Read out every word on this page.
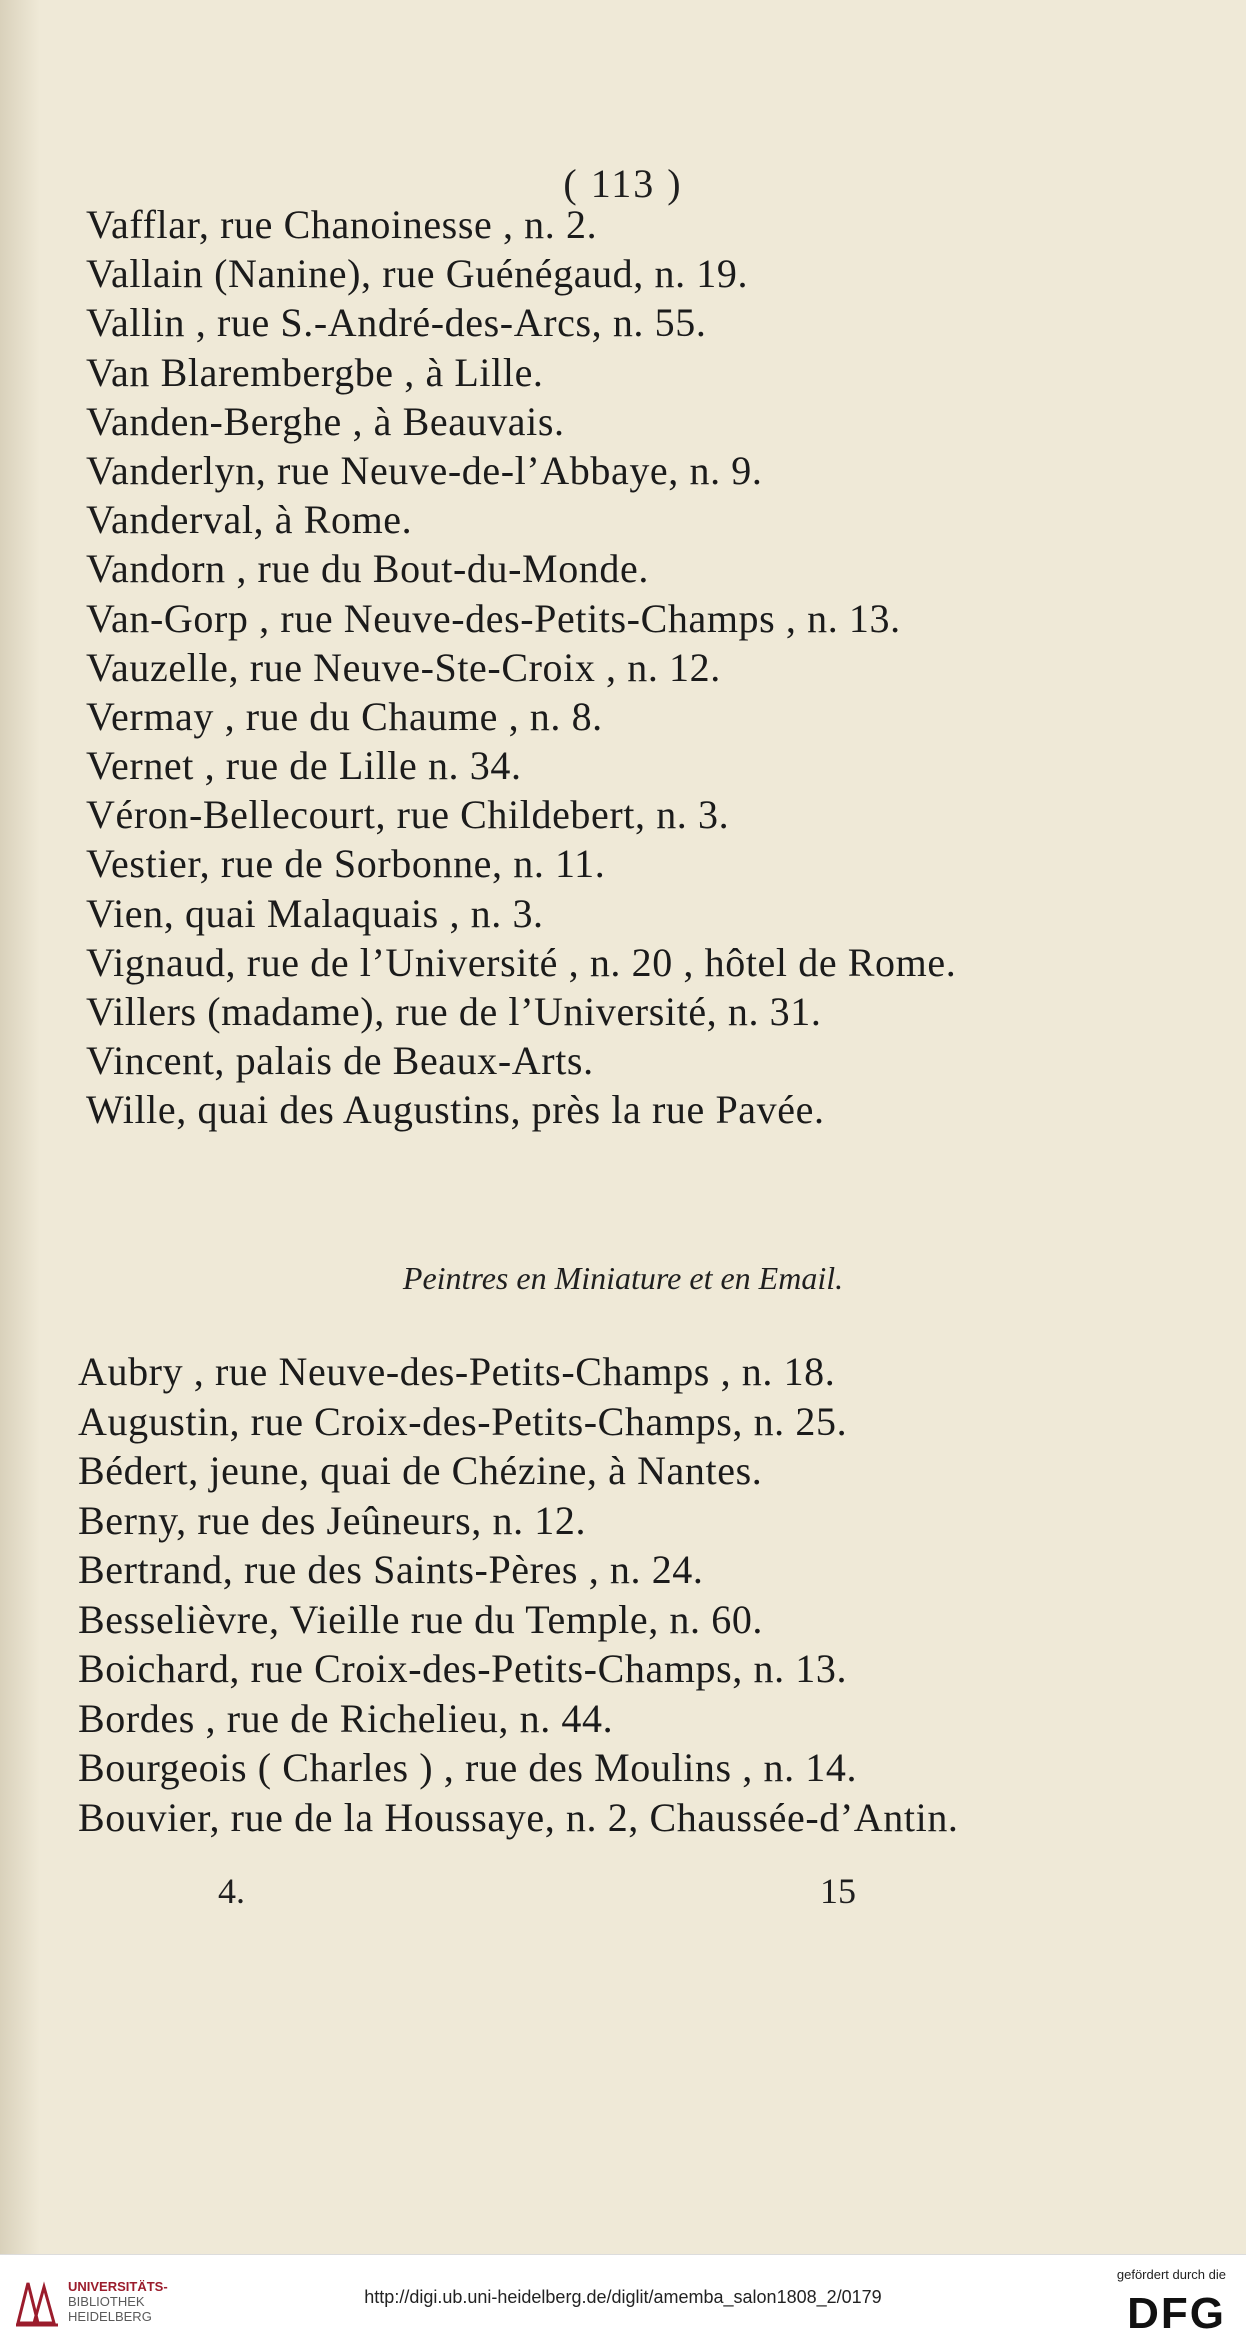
( 113 )
Vafflar, rue Chanoinesse , n. 2.
Vallain (Nanine), rue Guénégaud, n. 19.
Vallin , rue S.-André-des-Arcs, n. 55.
Van Blarembergbe , à Lille.
Vanden-Berghe , à Beauvais.
Vanderlyn, rue Neuve-de-l’Abbaye, n. 9.
Vanderval, à Rome.
Vandorn , rue du Bout-du-Monde.
Van-Gorp , rue Neuve-des-Petits-Champs , n. 13.
Vauzelle, rue Neuve-Ste-Croix , n. 12.
Vermay , rue du Chaume , n. 8.
Vernet , rue de Lille n. 34.
Véron-Bellecourt, rue Childebert, n. 3.
Vestier, rue de Sorbonne, n. 11.
Vien, quai Malaquais , n. 3.
Vignaud, rue de l’Université , n. 20 , hôtel de Rome.
Villers (madame), rue de l’Université, n. 31.
Vincent, palais de Beaux-Arts.
Wille, quai des Augustins, près la rue Pavée.
Peintres en Miniature et en Email.
Aubry , rue Neuve-des-Petits-Champs , n. 18.
Augustin, rue Croix-des-Petits-Champs, n. 25.
Bédert, jeune, quai de Chézine, à Nantes.
Berny, rue des Jeûneurs, n. 12.
Bertrand, rue des Saints-Pères , n. 24.
Besselièvre, Vieille rue du Temple, n. 60.
Boichard, rue Croix-des-Petits-Champs, n. 13.
Bordes , rue de Richelieu, n. 44.
Bourgeois ( Charles ) , rue des Moulins , n. 14.
Bouvier, rue de la Houssaye, n. 2, Chaussée-d’Antin.
4.	15
UNIVERSITÄTS-
BIBLIOTHEK
HEIDELBERG
http://digi.ub.uni-heidelberg.de/diglit/amemba_salon1808_2/0179
gefördert durch die
DFG
